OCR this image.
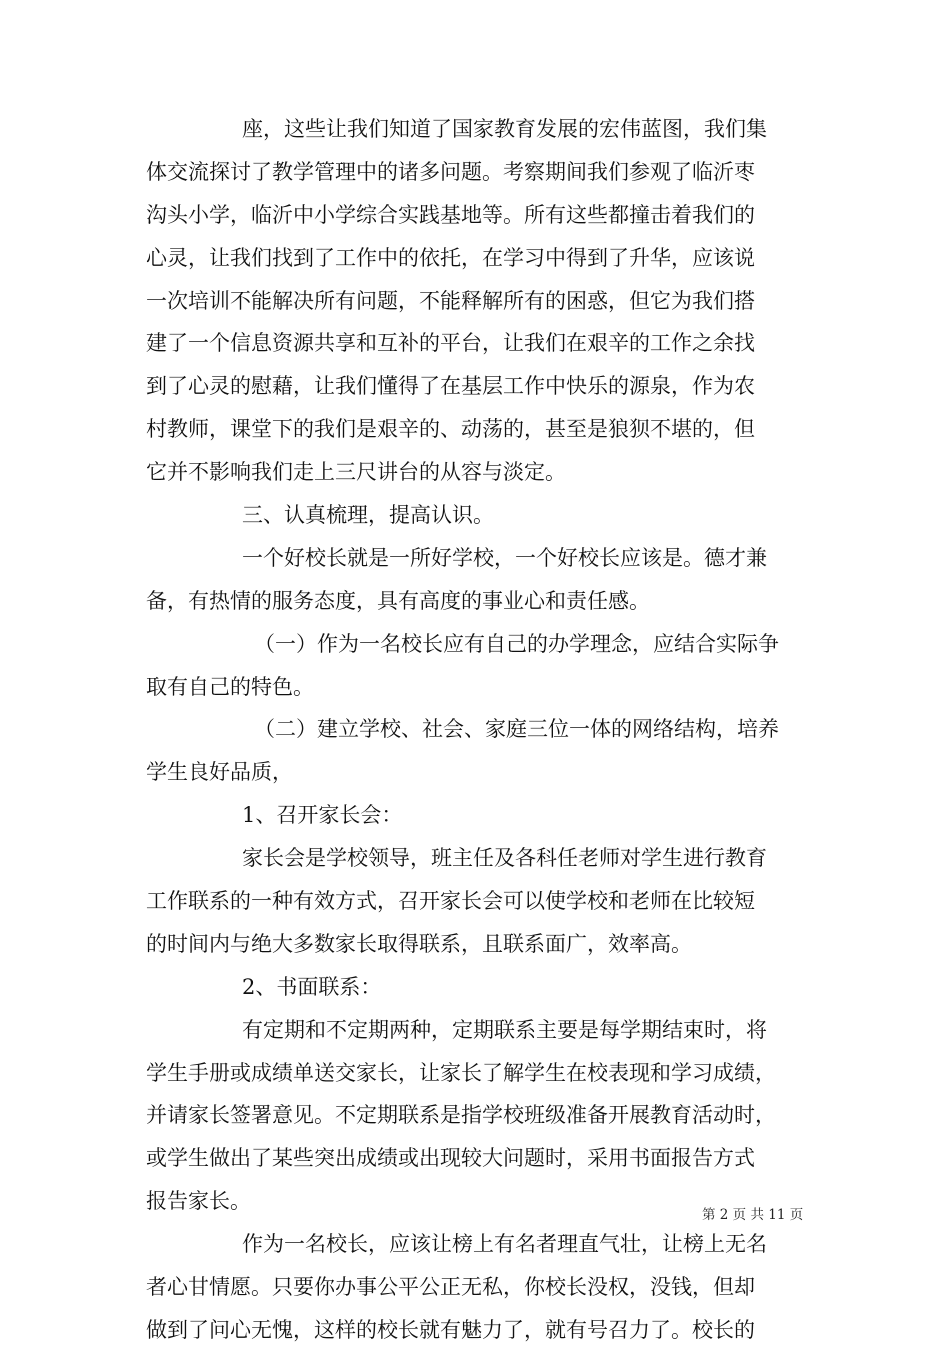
座，这些让我们知道了国家教育发展的宏伟蓝图，我们集
体交流探讨了教学管理中的诸多问题。考察期间我们参观了临沂枣
沟头小学，临沂中小学综合实践基地等。所有这些都撞击着我们的
心灵，让我们找到了工作中的依托，在学习中得到了升华，应该说
一次培训不能解决所有问题，不能释解所有的困惑，但它为我们搭
建了一个信息资源共享和互补的平台，让我们在艰辛的工作之余找
到了心灵的慰藉，让我们懂得了在基层工作中快乐的源泉，作为农
村教师，课堂下的我们是艰辛的、动荡的，甚至是狼狈不堪的，但
它并不影响我们走上三尺讲台的从容与淡定。
三、认真梳理，提高认识。
一个好校长就是一所好学校，一个好校长应该是。德才兼
备，有热情的服务态度，具有高度的事业心和责任感。
（一）作为一名校长应有自己的办学理念，应结合实际争
取有自己的特色。
（二）建立学校、社会、家庭三位一体的网络结构，培养
学生良好品质，
1、召开家长会：
家长会是学校领导，班主任及各科任老师对学生进行教育
工作联系的一种有效方式，召开家长会可以使学校和老师在比较短
的时间内与绝大多数家长取得联系，且联系面广，效率高。
2、书面联系：
有定期和不定期两种，定期联系主要是每学期结束时，将
学生手册或成绩单送交家长，让家长了解学生在校表现和学习成绩，
并请家长签署意见。不定期联系是指学校班级准备开展教育活动时，
或学生做出了某些突出成绩或出现较大问题时，采用书面报告方式
报告家长。
作为一名校长，应该让榜上有名者理直气壮，让榜上无名
者心甘情愿。只要你办事公平公正无私，你校长没权，没钱，但却
做到了问心无愧，这样的校长就有魅力了，就有号召力了。校长的
第 2 页 共 11 页
